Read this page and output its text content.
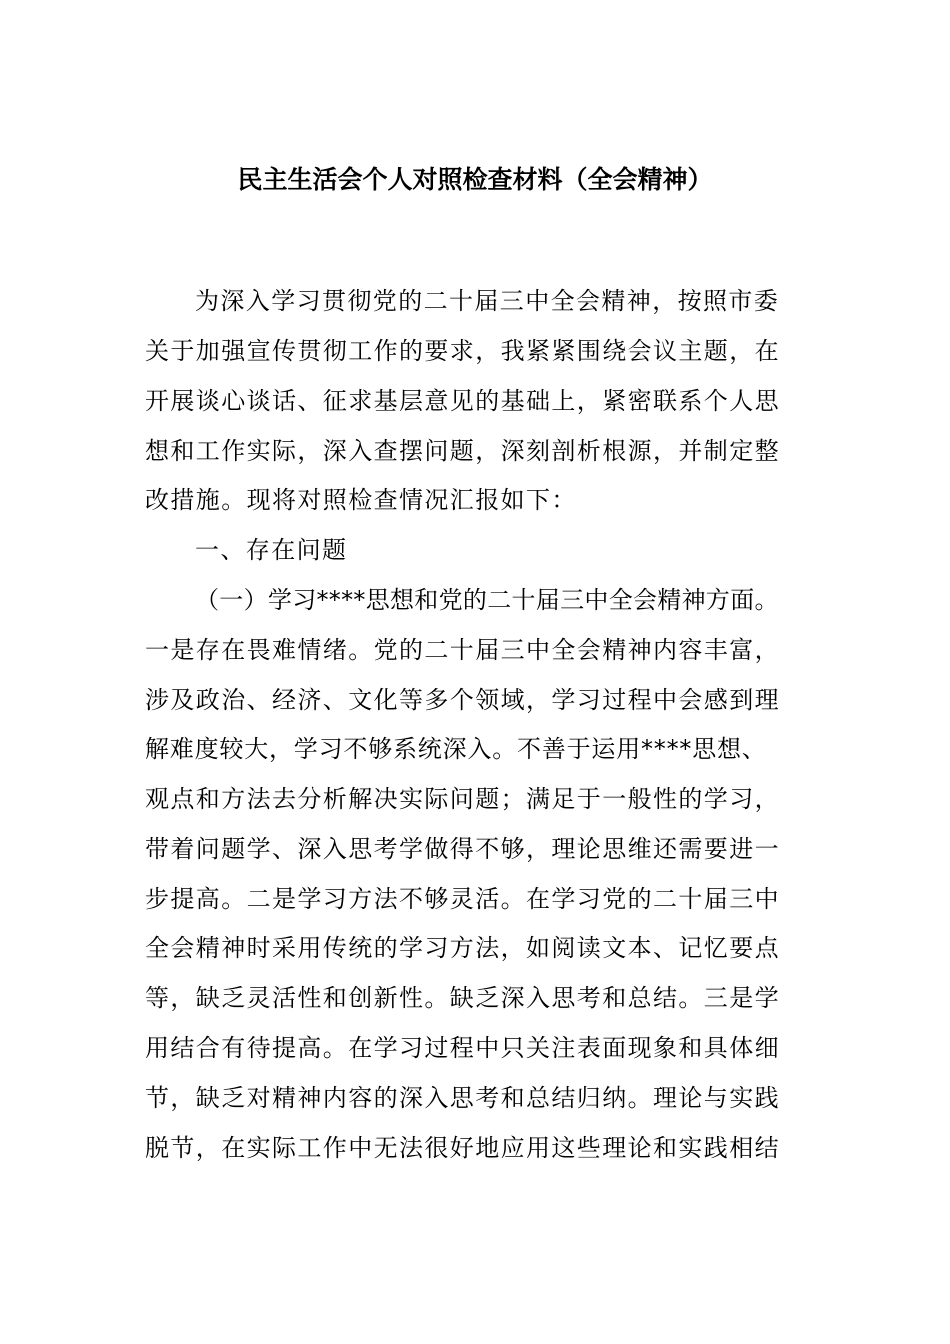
民主生活会个人对照检查材料（全会精神）
为深入学习贯彻党的二十届三中全会精神，按照市委
关于加强宣传贯彻工作的要求，我紧紧围绕会议主题，在
开展谈心谈话、征求基层意见的基础上，紧密联系个人思
想和工作实际，深入查摆问题，深刻剖析根源，并制定整
改措施。现将对照检查情况汇报如下：
一、存在问题
（一）学习****思想和党的二十届三中全会精神方面。
一是存在畏难情绪。党的二十届三中全会精神内容丰富，
涉及政治、经济、文化等多个领域，学习过程中会感到理
解难度较大，学习不够系统深入。不善于运用****思想、
观点和方法去分析解决实际问题；满足于一般性的学习，
带着问题学、深入思考学做得不够，理论思维还需要进一
步提高。二是学习方法不够灵活。在学习党的二十届三中
全会精神时采用传统的学习方法，如阅读文本、记忆要点
等，缺乏灵活性和创新性。缺乏深入思考和总结。三是学
用结合有待提高。在学习过程中只关注表面现象和具体细
节，缺乏对精神内容的深入思考和总结归纳。理论与实践
脱节，在实际工作中无法很好地应用这些理论和实践相结
